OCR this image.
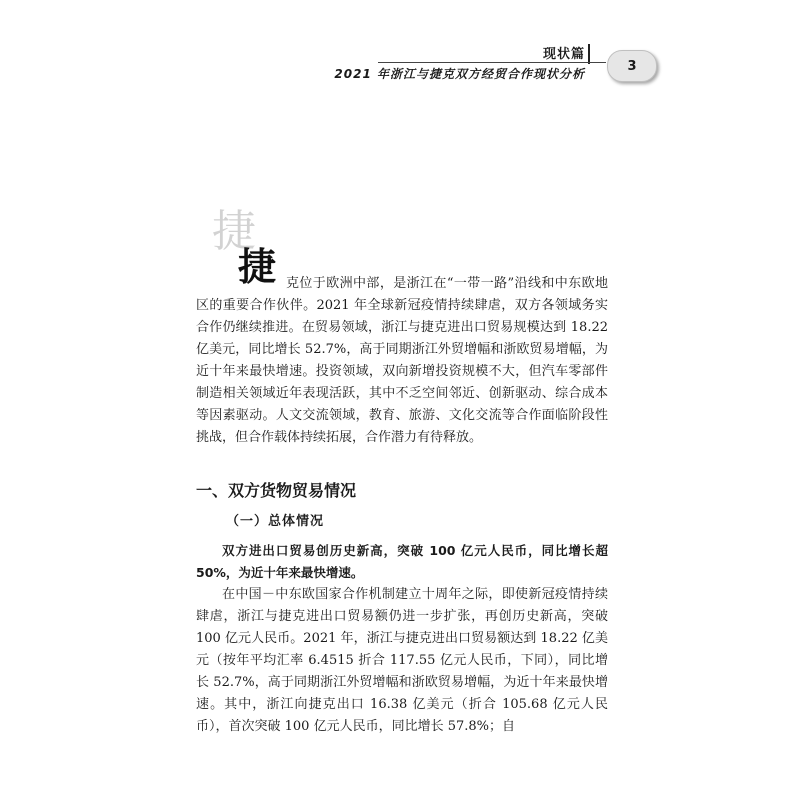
现状篇
2021 年浙江与捷克双方经贸合作现状分析
3
捷
捷 克位于欧洲中部，是浙江在“一带一路”沿线和中东欧地区的重要合作伙伴。2021 年全球新冠疫情持续肆虐，双方各领域务实合作仍继续推进。在贸易领域，浙江与捷克进出口贸易规模达到 18.22 亿美元，同比增长 52.7%，高于同期浙江外贸增幅和浙欧贸易增幅，为近十年来最快增速。投资领域，双向新增投资规模不大，但汽车零部件制造相关领域近年表现活跃，其中不乏空间邻近、创新驱动、综合成本等因素驱动。人文交流领域，教育、旅游、文化交流等合作面临阶段性挑战，但合作载体持续拓展，合作潜力有待释放。

一、双方货物贸易情况
（一）总体情况

双方进出口贸易创历史新高，突破 100 亿元人民币，同比增长超 50%，为近十年来最快增速。

在中国－中东欧国家合作机制建立十周年之际，即使新冠疫情持续肆虐，浙江与捷克进出口贸易额仍进一步扩张，再创历史新高，突破 100 亿元人民币。2021 年，浙江与捷克进出口贸易额达到 18.22 亿美元（按年平均汇率 6.4515 折合 117.55 亿元人民币，下同），同比增长 52.7%，高于同期浙江外贸增幅和浙欧贸易增幅，为近十年来最快增速。其中，浙江向捷克出口 16.38 亿美元（折合 105.68 亿元人民币），首次突破 100 亿元人民币，同比增长 57.8%；自
